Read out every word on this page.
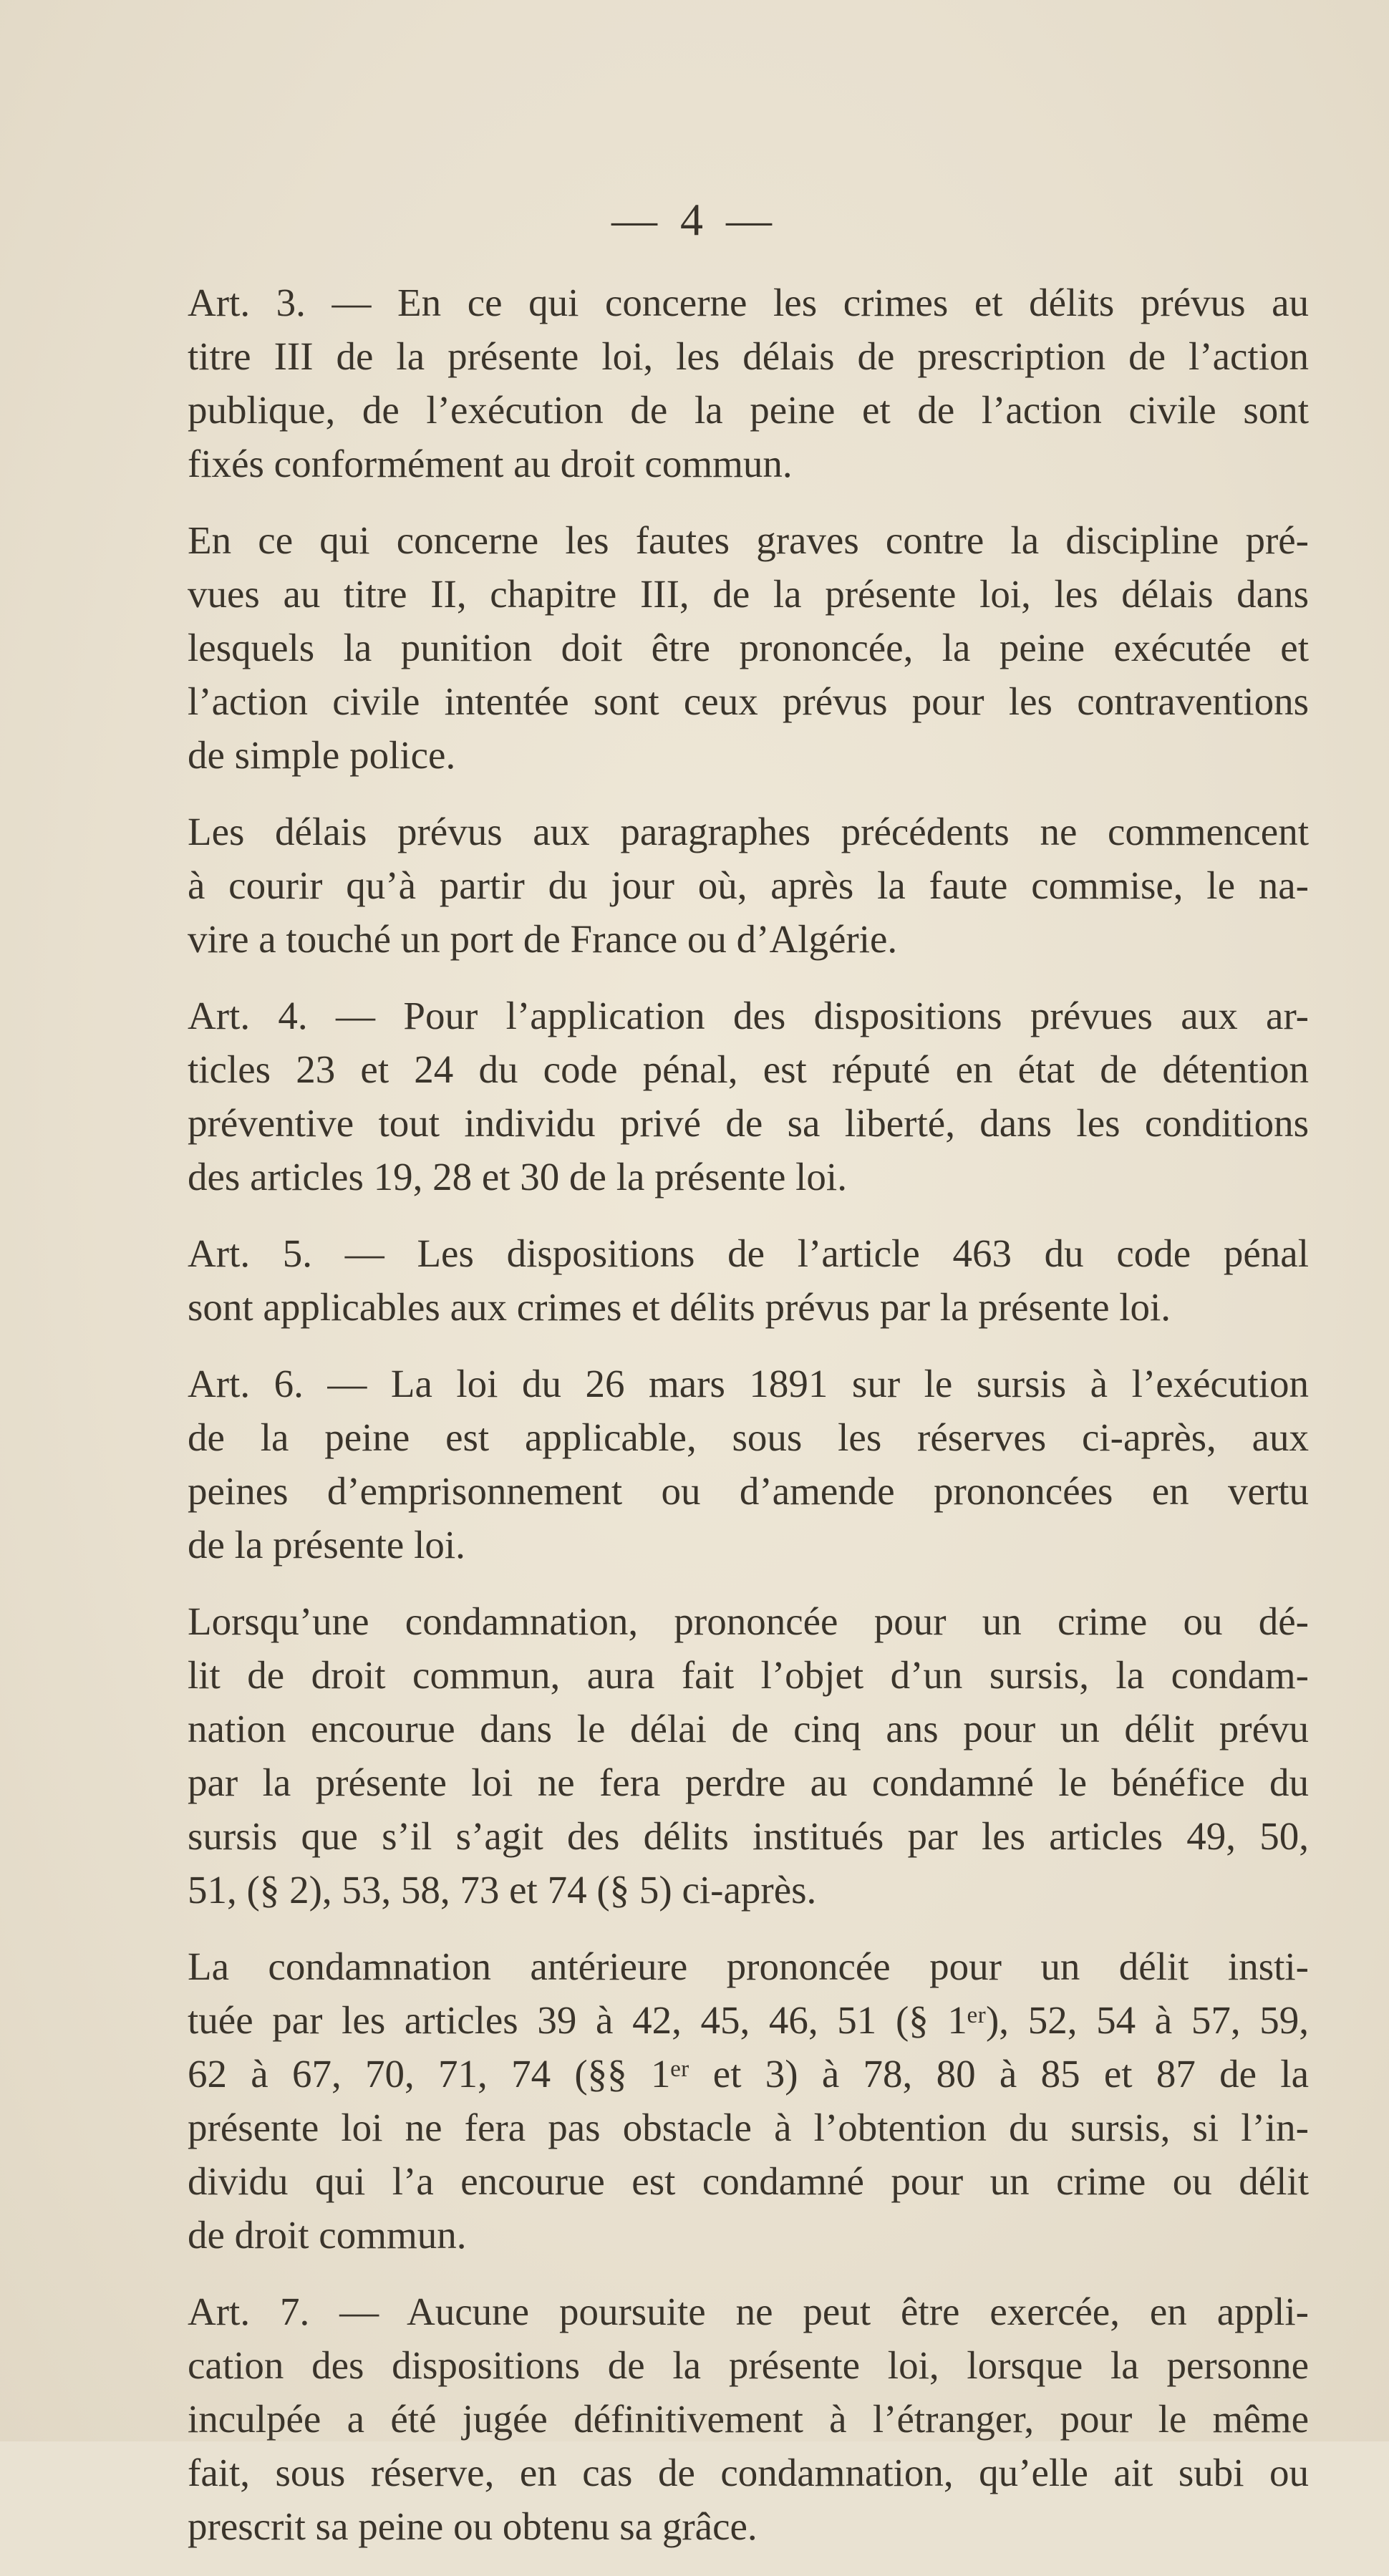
— 4 —

Art. 3. — En ce qui concerne les crimes et délits prévus au
titre III de la présente loi, les délais de prescription de l’action
publique, de l’exécution de la peine et de l’action civile sont
fixés conformément au droit commun.

En ce qui concerne les fautes graves contre la discipline pré-
vues au titre II, chapitre III, de la présente loi, les délais dans
lesquels la punition doit être prononcée, la peine exécutée et
l’action civile intentée sont ceux prévus pour les contraventions
de simple police.

Les délais prévus aux paragraphes précédents ne commencent
à courir qu’à partir du jour où, après la faute commise, le na-
vire a touché un port de France ou d’Algérie.

Art. 4. — Pour l’application des dispositions prévues aux ar-
ticles 23 et 24 du code pénal, est réputé en état de détention
préventive tout individu privé de sa liberté, dans les conditions
des articles 19, 28 et 30 de la présente loi.

Art. 5. — Les dispositions de l’article 463 du code pénal
sont applicables aux crimes et délits prévus par la présente loi.

Art. 6. — La loi du 26 mars 1891 sur le sursis à l’exécution
de la peine est applicable, sous les réserves ci-après, aux
peines d’emprisonnement ou d’amende prononcées en vertu
de la présente loi.

Lorsqu’une condamnation, prononcée pour un crime ou dé-
lit de droit commun, aura fait l’objet d’un sursis, la condam-
nation encourue dans le délai de cinq ans pour un délit prévu
par la présente loi ne fera perdre au condamné le bénéfice du
sursis que s’il s’agit des délits institués par les articles 49, 50,
51, (§ 2), 53, 58, 73 et 74 (§ 5) ci-après.

La condamnation antérieure prononcée pour un délit insti-
tuée par les articles 39 à 42, 45, 46, 51 (§ 1ᵉʳ), 52, 54 à 57, 59,
62 à 67, 70, 71, 74 (§§ 1ᵉʳ et 3) à 78, 80 à 85 et 87 de la
présente loi ne fera pas obstacle à l’obtention du sursis, si l’in-
dividu qui l’a encourue est condamné pour un crime ou délit
de droit commun.

Art. 7. — Aucune poursuite ne peut être exercée, en appli-
cation des dispositions de la présente loi, lorsque la personne
inculpée a été jugée définitivement à l’étranger, pour le même
fait, sous réserve, en cas de condamnation, qu’elle ait subi ou
prescrit sa peine ou obtenu sa grâce.
